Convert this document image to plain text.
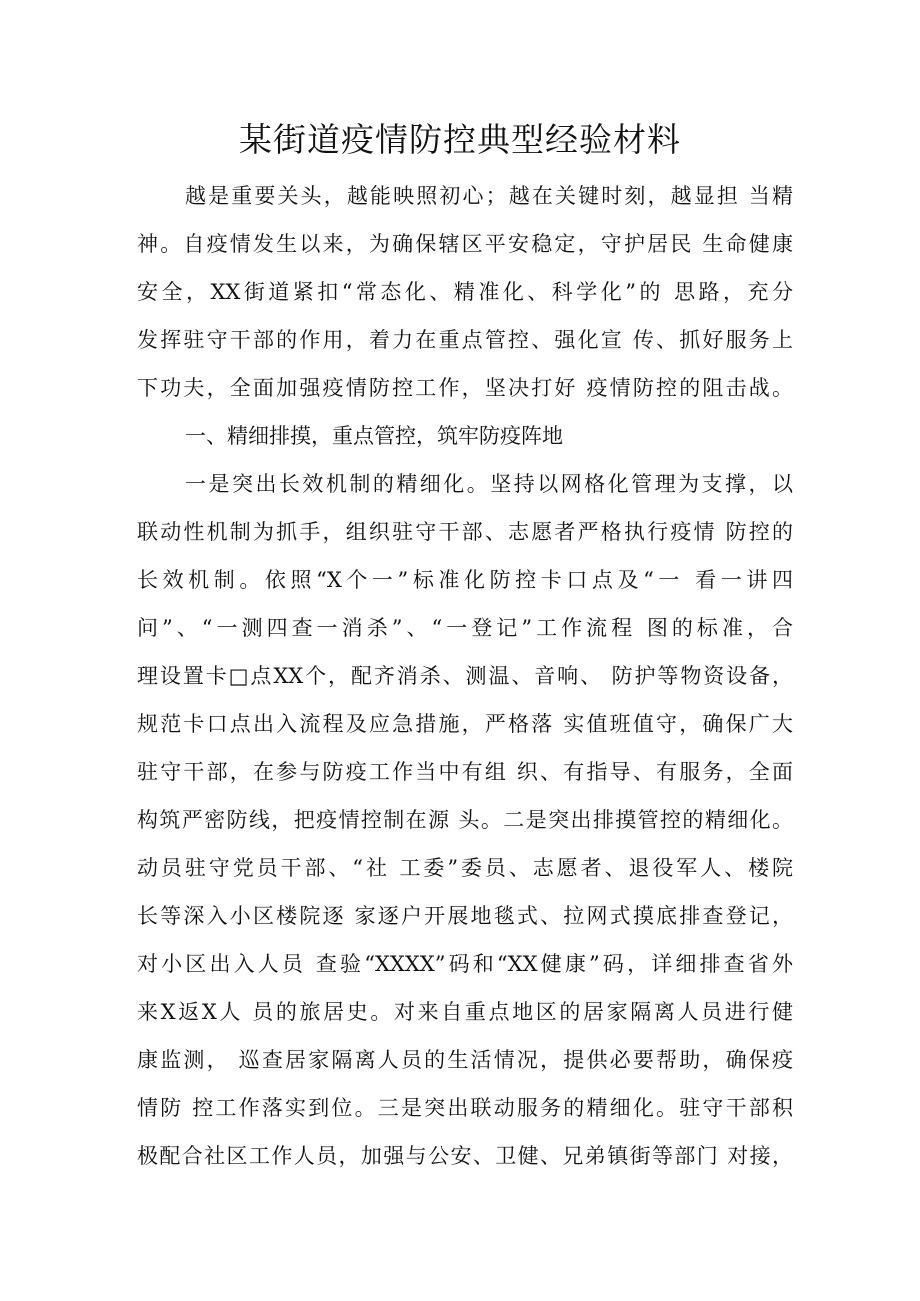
某街道疫情防控典型经验材料
越是重要关头，越能映照初心；越在关键时刻，越显担 当精
神。自疫情发生以来，为确保辖区平安稳定，守护居民 生命健康
安全，XX街道紧扣“常态化、精准化、科学化”的 思路，充分
发挥驻守干部的作用，着力在重点管控、强化宣 传、抓好服务上
下功夫，全面加强疫情防控工作，坚决打好 疫情防控的阻击战。
一、精细排摸，重点管控，筑牢防疫阵地
一是突出长效机制的精细化。坚持以网格化管理为支撑，以
联动性机制为抓手，组织驻守干部、志愿者严格执行疫情 防控的
长效机制。依照“X个一”标准化防控卡口点及“一 看一讲四
问”、“一测四查一消杀”、“一登记”工作流程 图的标准，合
理设置卡□点XX个，配齐消杀、测温、音响、 防护等物资设备，
规范卡口点出入流程及应急措施，严格落 实值班值守，确保广大
驻守干部，在参与防疫工作当中有组 织、有指导、有服务，全面
构筑严密防线，把疫情控制在源 头。二是突出排摸管控的精细化。
动员驻守党员干部、“社 工委”委员、志愿者、退役军人、楼院
长等深入小区楼院逐 家逐户开展地毯式、拉网式摸底排查登记，
对小区出入人员 查验“XXXX”码和“XX健康”码，详细排查省外
来X返X人 员的旅居史。对来自重点地区的居家隔离人员进行健
康监测， 巡查居家隔离人员的生活情况，提供必要帮助，确保疫
情防 控工作落实到位。三是突出联动服务的精细化。驻守干部积
极配合社区工作人员，加强与公安、卫健、兄弟镇街等部门 对接，
